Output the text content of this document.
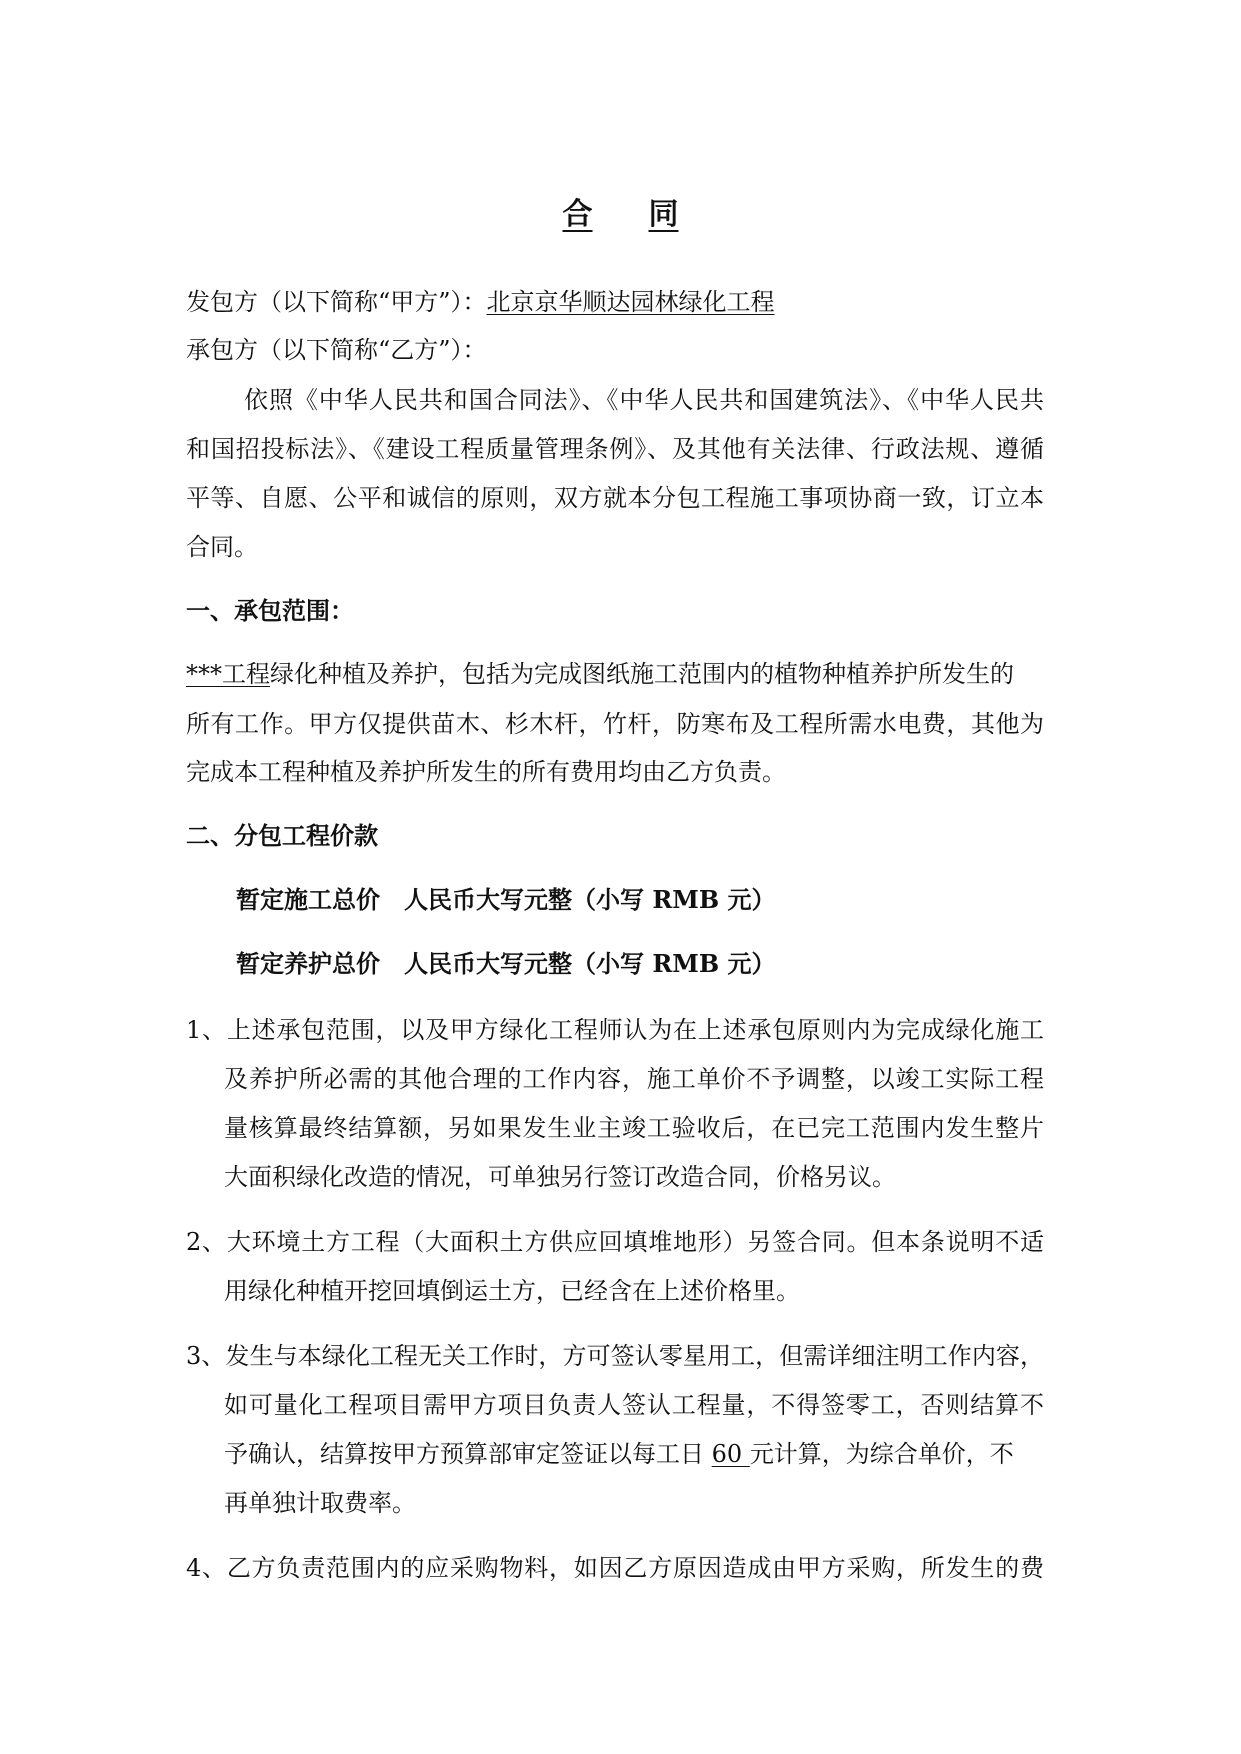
合 同
发包方（以下简称“甲方”）：北京京华顺达园林绿化工程
承包方（以下简称“乙方”）：
依照《中华人民共和国合同法》、《中华人民共和国建筑法》、《中华人民共
和国招投标法》、《建设工程质量管理条例》、及其他有关法律、行政法规、遵循
平等、自愿、公平和诚信的原则，双方就本分包工程施工事项协商一致，订立本
合同。
一、承包范围：
***工程绿化种植及养护，包括为完成图纸施工范围内的植物种植养护所发生的
所有工作。甲方仅提供苗木、杉木杆，竹杆，防寒布及工程所需水电费，其他为
完成本工程种植及养护所发生的所有费用均由乙方负责。
二、分包工程价款
暂定施工总价　人民币大写元整（小写 RMB 元）
暂定养护总价　人民币大写元整（小写 RMB 元）
1、上述承包范围，以及甲方绿化工程师认为在上述承包原则内为完成绿化施工
及养护所必需的其他合理的工作内容，施工单价不予调整，以竣工实际工程
量核算最终结算额，另如果发生业主竣工验收后，在已完工范围内发生整片
大面积绿化改造的情况，可单独另行签订改造合同，价格另议。
2、大环境土方工程（大面积土方供应回填堆地形）另签合同。但本条说明不适
用绿化种植开挖回填倒运土方，已经含在上述价格里。
3、发生与本绿化工程无关工作时，方可签认零星用工，但需详细注明工作内容，
如可量化工程项目需甲方项目负责人签认工程量，不得签零工，否则结算不
予确认，结算按甲方预算部审定签证以每工日 60 元计算，为综合单价，不
再单独计取费率。
4、乙方负责范围内的应采购物料，如因乙方原因造成由甲方采购，所发生的费
